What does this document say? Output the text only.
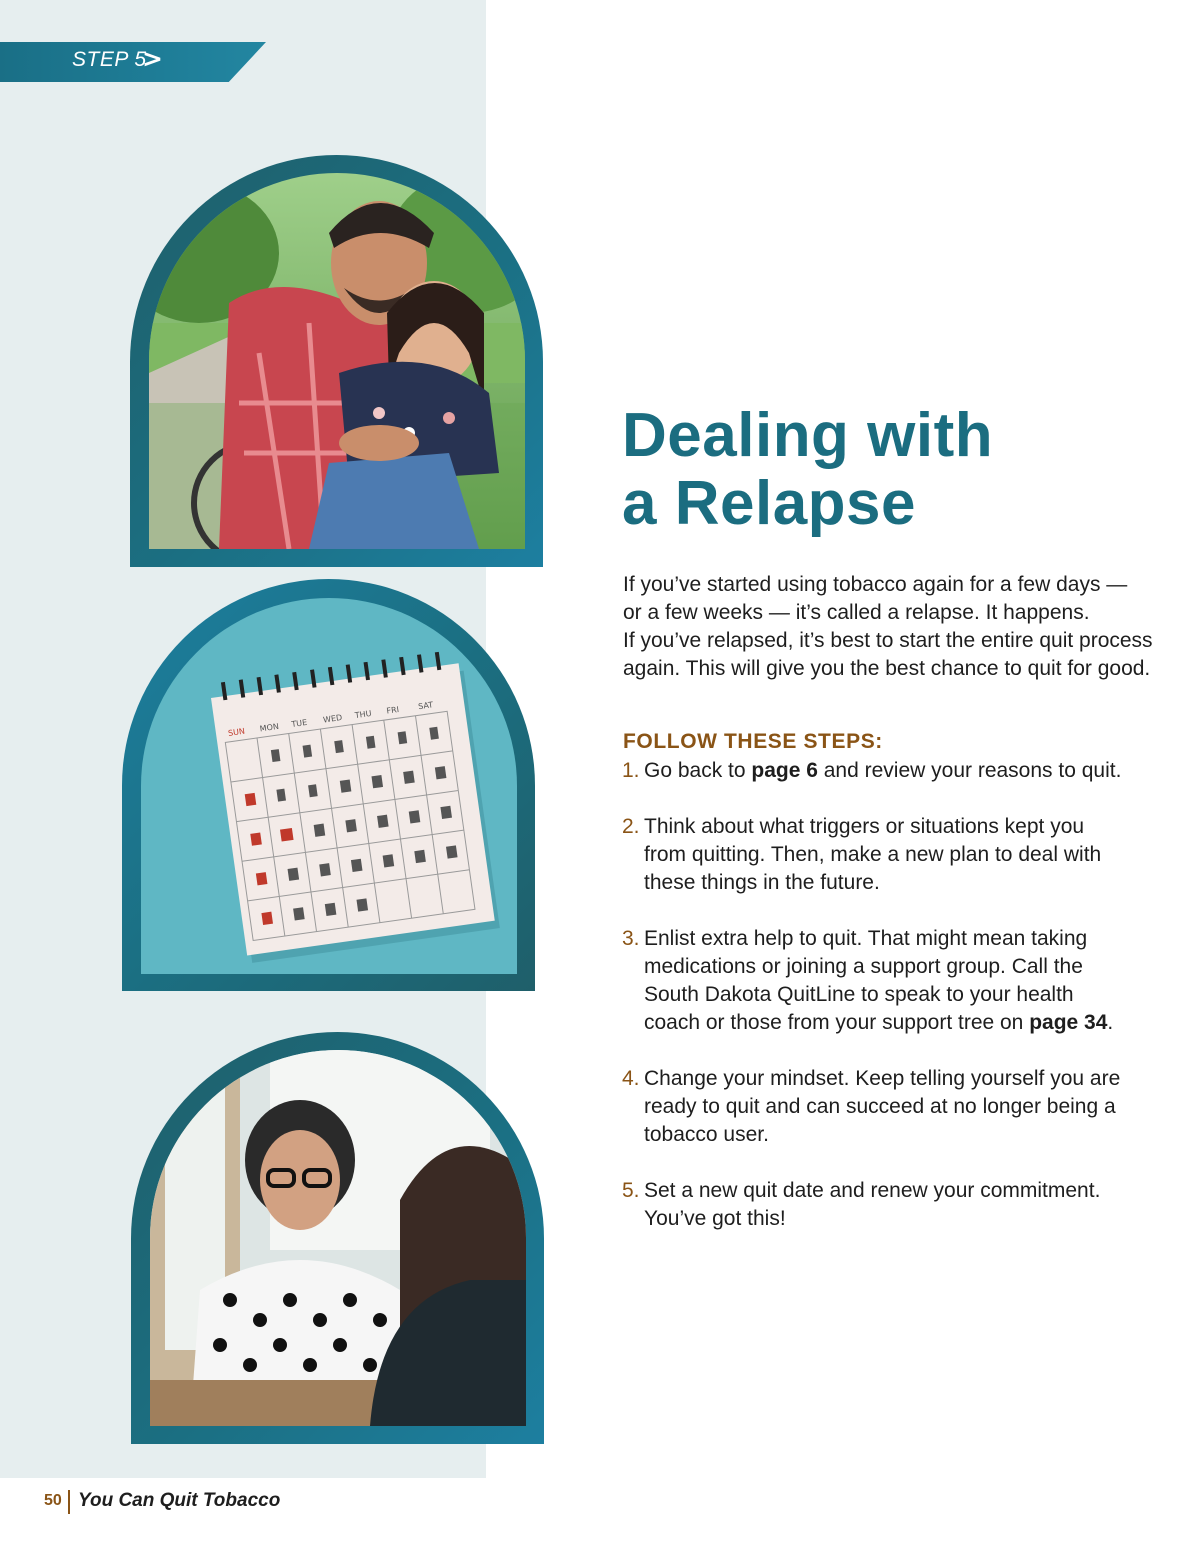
STEP 5
>
SUN MON TUE WED THU FRI SAT
Dealing with
a Relapse

If you’ve started using tobacco again for a few days —
or a few weeks — it’s called a relapse. It happens.
If you’ve relapsed, it’s best to start the entire quit process
again. This will give you the best chance to quit for good.

FOLLOW THESE STEPS:
1. Go back to page 6 and review your reasons to quit.
2. Think about what triggers or situations kept you
from quitting. Then, make a new plan to deal with
these things in the future.
3. Enlist extra help to quit. That might mean taking
medications or joining a support group. Call the
South Dakota QuitLine to speak to your health
coach or those from your support tree on page 34.
4. Change your mindset. Keep telling yourself you are
ready to quit and can succeed at no longer being a
tobacco user.
5. Set a new quit date and renew your commitment.
You’ve got this!
50 You Can Quit Tobacco
